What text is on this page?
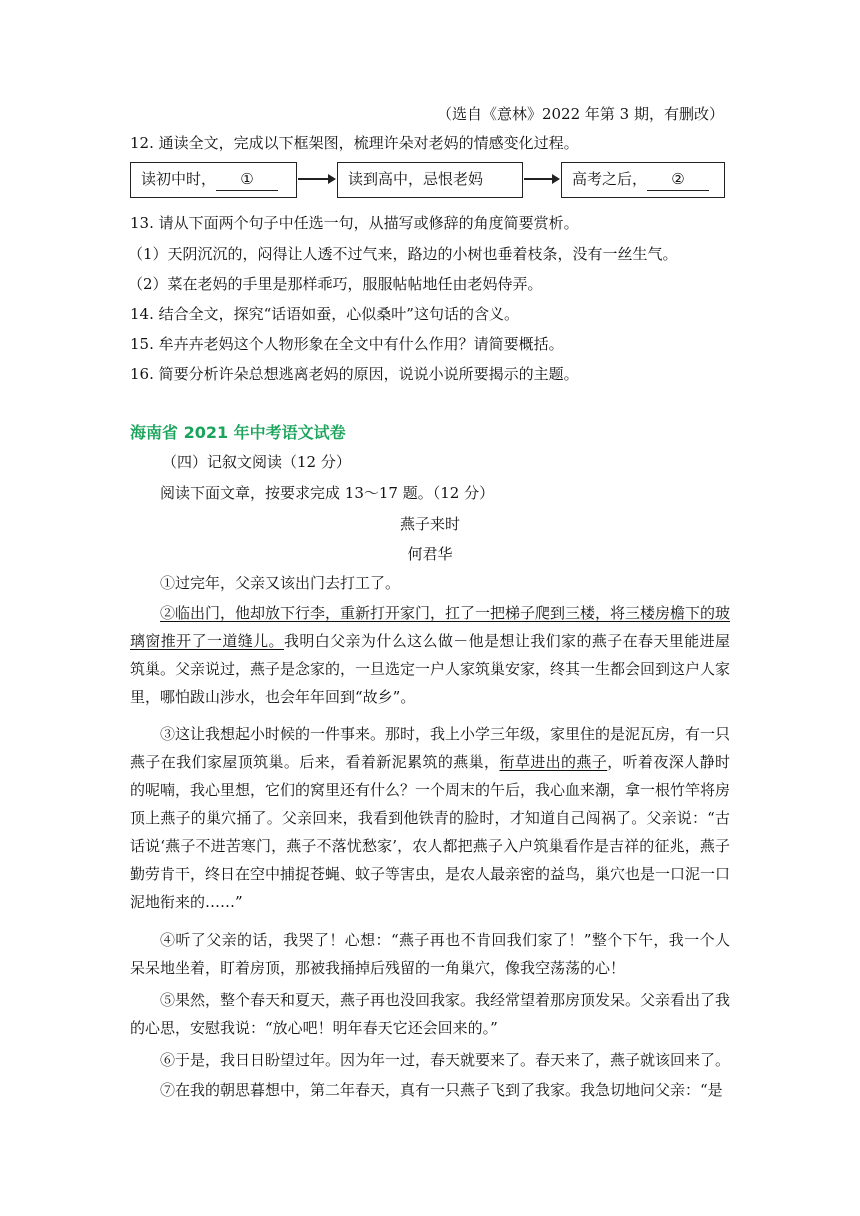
（选自《意林》2022 年第 3 期，有删改）
12. 通读全文，完成以下框架图，梳理许朵对老妈的情感变化过程。
读初中时， ①	读到高中，忌恨老妈	高考之后， ②
13. 请从下面两个句子中任选一句，从描写或修辞的角度简要赏析。
（1）天阴沉沉的，闷得让人透不过气来，路边的小树也垂着枝条，没有一丝生气。
（2）菜在老妈的手里是那样乖巧，服服帖帖地任由老妈侍弄。
14. 结合全文，探究“话语如蚕，心似桑叶”这句话的含义。
15. 牟卉卉老妈这个人物形象在全文中有什么作用？请简要概括。
16. 简要分析许朵总想逃离老妈的原因，说说小说所要揭示的主题。
海南省 2021 年中考语文试卷
（四）记叙文阅读（12 分）
阅读下面文章，按要求完成 13～17 题。（12 分）
燕子来时
何君华
①过完年，父亲又该出门去打工了。
②临出门，他却放下行李，重新打开家门，扛了一把梯子爬到三楼，将三楼房檐下的玻璃窗推开了一道缝儿。我明白父亲为什么这么做－他是想让我们家的燕子在春天里能进屋筑巢。父亲说过，燕子是念家的，一旦选定一户人家筑巢安家，终其一生都会回到这户人家里，哪怕跋山涉水，也会年年回到“故乡”。
③这让我想起小时候的一件事来。那时，我上小学三年级，家里住的是泥瓦房，有一只燕子在我们家屋顶筑巢。后来，看着新泥累筑的燕巢，衔草进出的燕子，听着夜深人静时的呢喃，我心里想，它们的窝里还有什么？一个周末的午后，我心血来潮，拿一根竹竿将房顶上燕子的巢穴捅了。父亲回来，我看到他铁青的脸时，才知道自己闯祸了。父亲说：“古话说‘燕子不进苦寒门，燕子不落忧愁家’，农人都把燕子入户筑巢看作是吉祥的征兆，燕子勤劳肯干，终日在空中捕捉苍蝇、蚊子等害虫，是农人最亲密的益鸟，巢穴也是一口泥一口泥地衔来的……”
④听了父亲的话，我哭了！心想：“燕子再也不肯回我们家了！”整个下午，我一个人呆呆地坐着，盯着房顶，那被我捅掉后残留的一角巢穴，像我空荡荡的心！
⑤果然，整个春天和夏天，燕子再也没回我家。我经常望着那房顶发呆。父亲看出了我的心思，安慰我说：“放心吧！明年春天它还会回来的。”
⑥于是，我日日盼望过年。因为年一过，春天就要来了。春天来了，燕子就该回来了。
⑦在我的朝思暮想中，第二年春天，真有一只燕子飞到了我家。我急切地问父亲：“是
